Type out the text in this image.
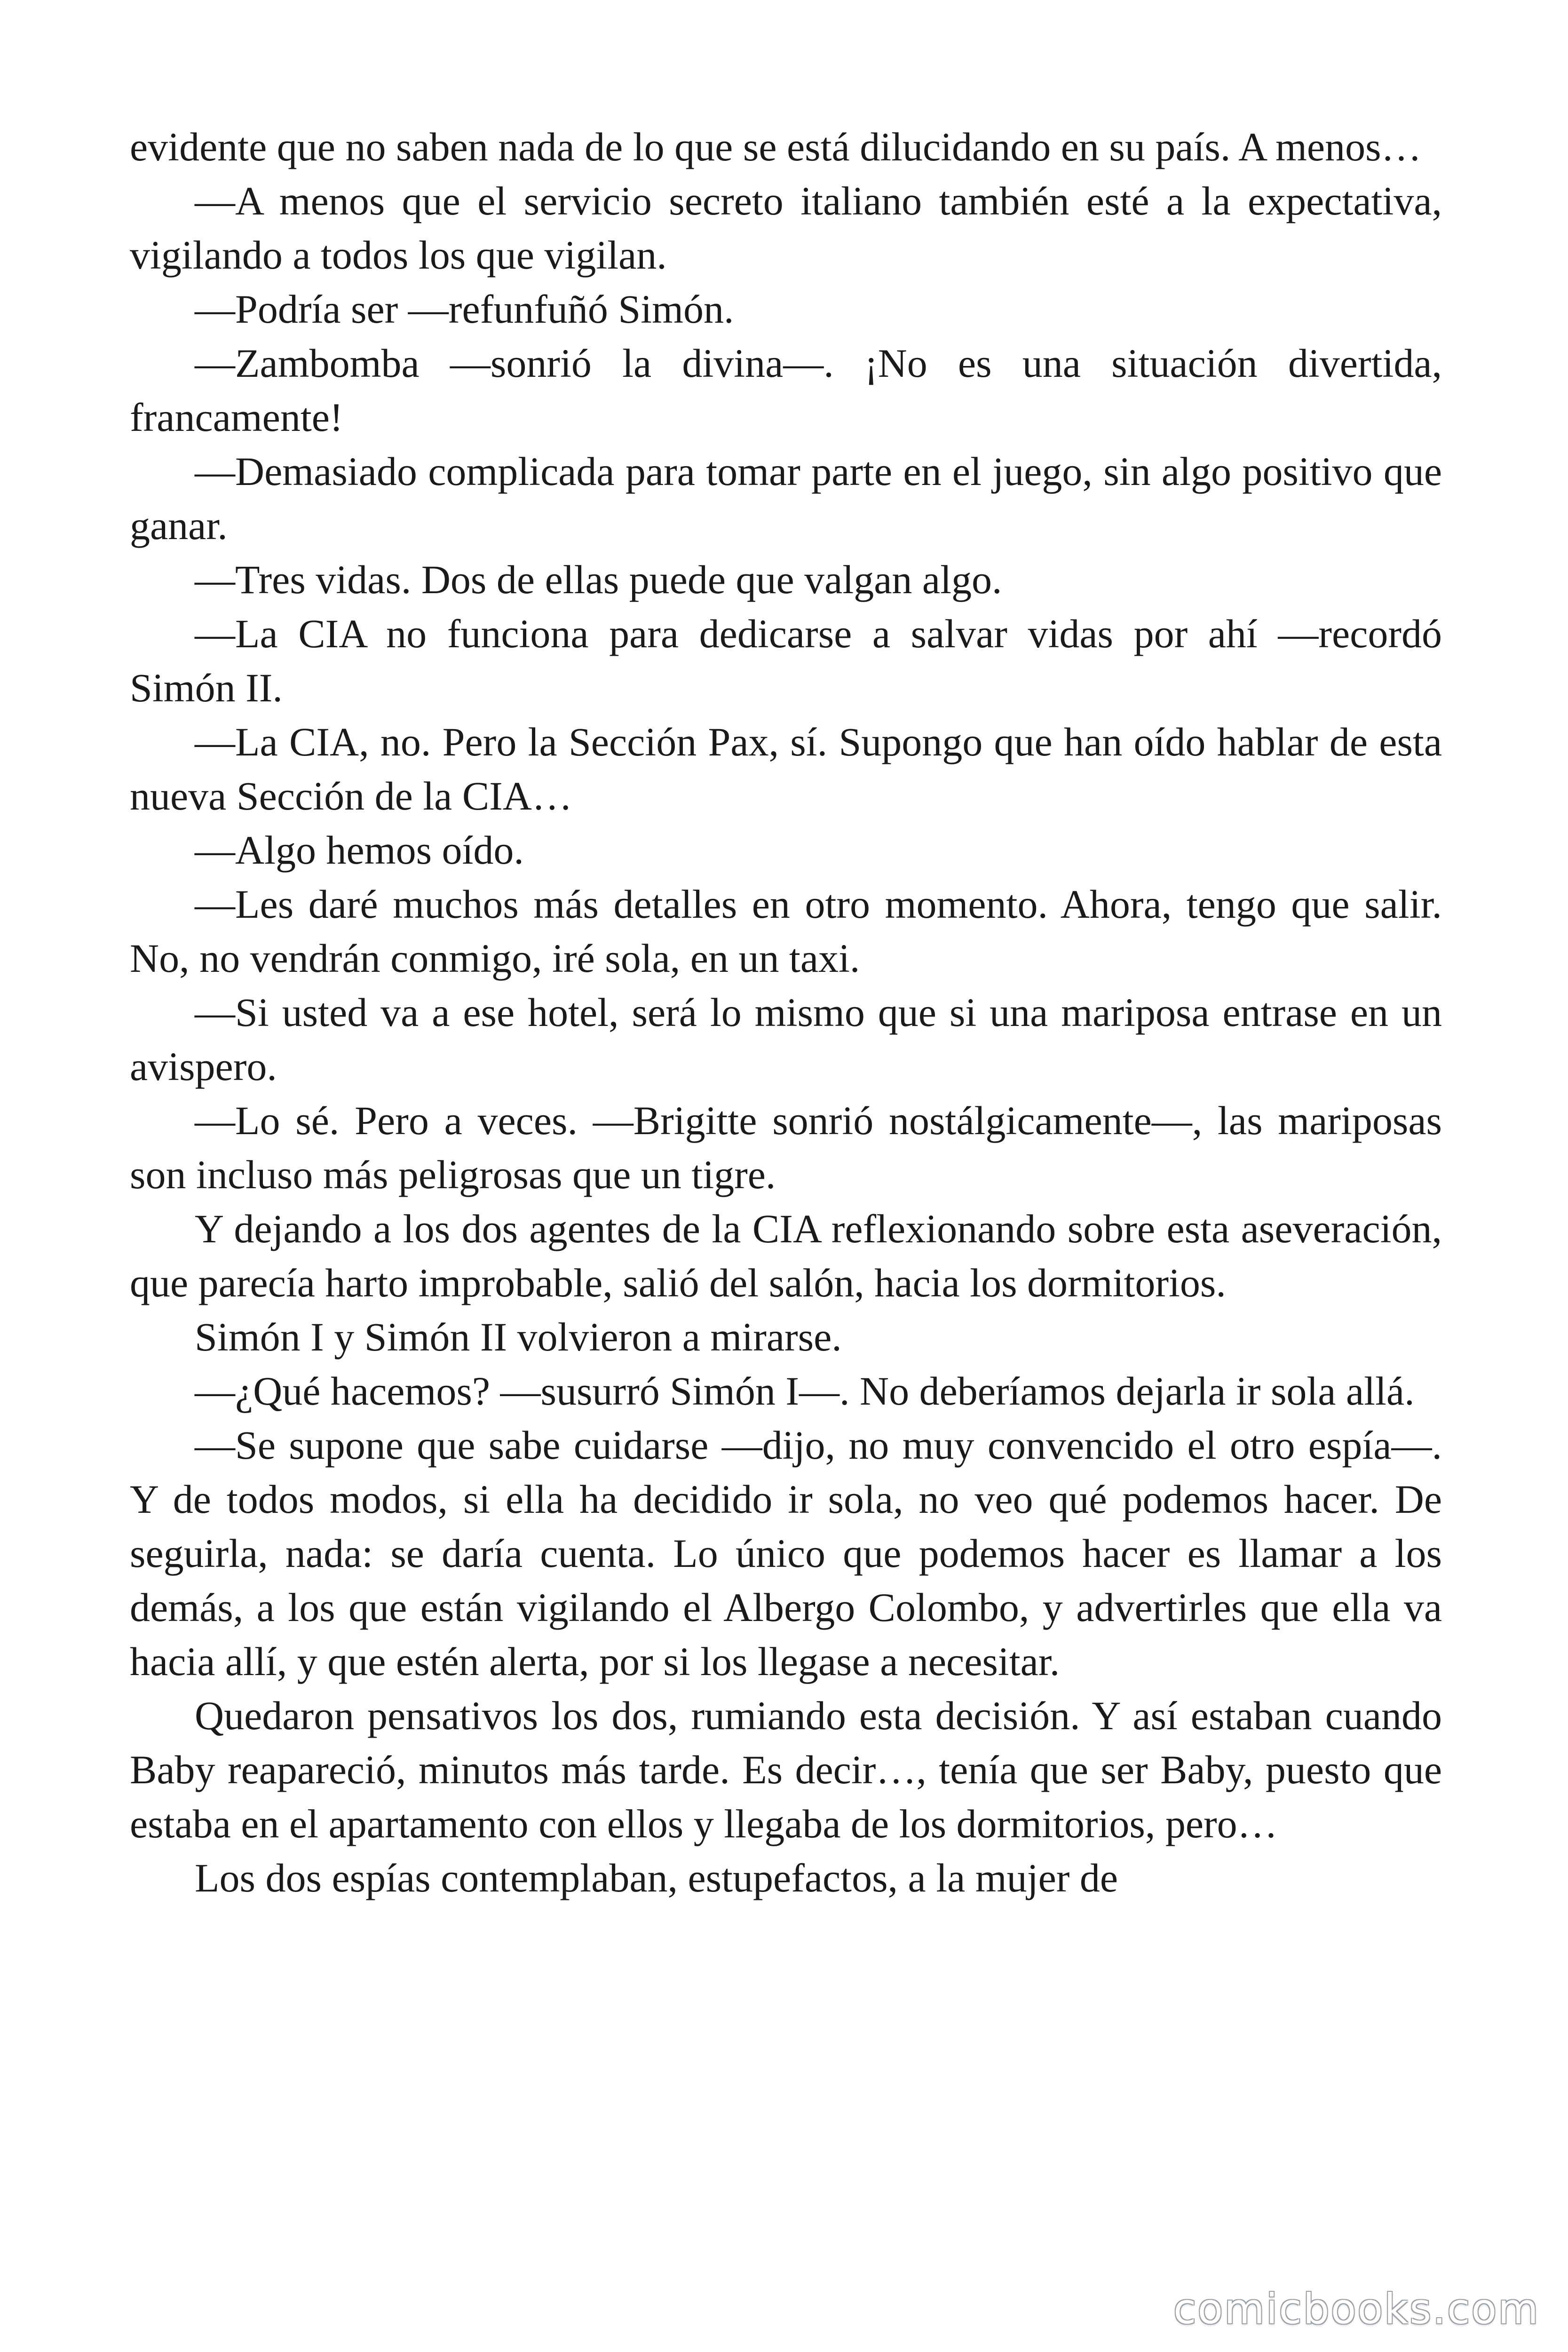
evidente que no saben nada de lo que se está dilucidando en su país. A menos…

—A menos que el servicio secreto italiano también esté a la expectativa, vigilando a todos los que vigilan.

—Podría ser —refunfuñó Simón.

—Zambomba —sonrió la divina—. ¡No es una situación divertida, francamente!

—Demasiado complicada para tomar parte en el juego, sin algo positivo que ganar.

—Tres vidas. Dos de ellas puede que valgan algo.

—La CIA no funciona para dedicarse a salvar vidas por ahí —recordó Simón II.

—La CIA, no. Pero la Sección Pax, sí. Supongo que han oído hablar de esta nueva Sección de la CIA…

—Algo hemos oído.

—Les daré muchos más detalles en otro momento. Ahora, tengo que salir. No, no vendrán conmigo, iré sola, en un taxi.

—Si usted va a ese hotel, será lo mismo que si una mariposa entrase en un avispero.

—Lo sé. Pero a veces. —Brigitte sonrió nostálgicamente—, las mariposas son incluso más peligrosas que un tigre.

Y dejando a los dos agentes de la CIA reflexionando sobre esta aseveración, que parecía harto improbable, salió del salón, hacia los dormitorios.

Simón I y Simón II volvieron a mirarse.

—¿Qué hacemos? —susurró Simón I—. No deberíamos dejarla ir sola allá.

—Se supone que sabe cuidarse —dijo, no muy convencido el otro espía—. Y de todos modos, si ella ha decidido ir sola, no veo qué podemos hacer. De seguirla, nada: se daría cuenta. Lo único que podemos hacer es llamar a los demás, a los que están vigilando el Albergo Colombo, y advertirles que ella va hacia allí, y que estén alerta, por si los llegase a necesitar.

Quedaron pensativos los dos, rumiando esta decisión. Y así estaban cuando Baby reapareció, minutos más tarde. Es decir…, tenía que ser Baby, puesto que estaba en el apartamento con ellos y llegaba de los dormitorios, pero…

Los dos espías contemplaban, estupefactos, a la mujer de

comicbooks.com
